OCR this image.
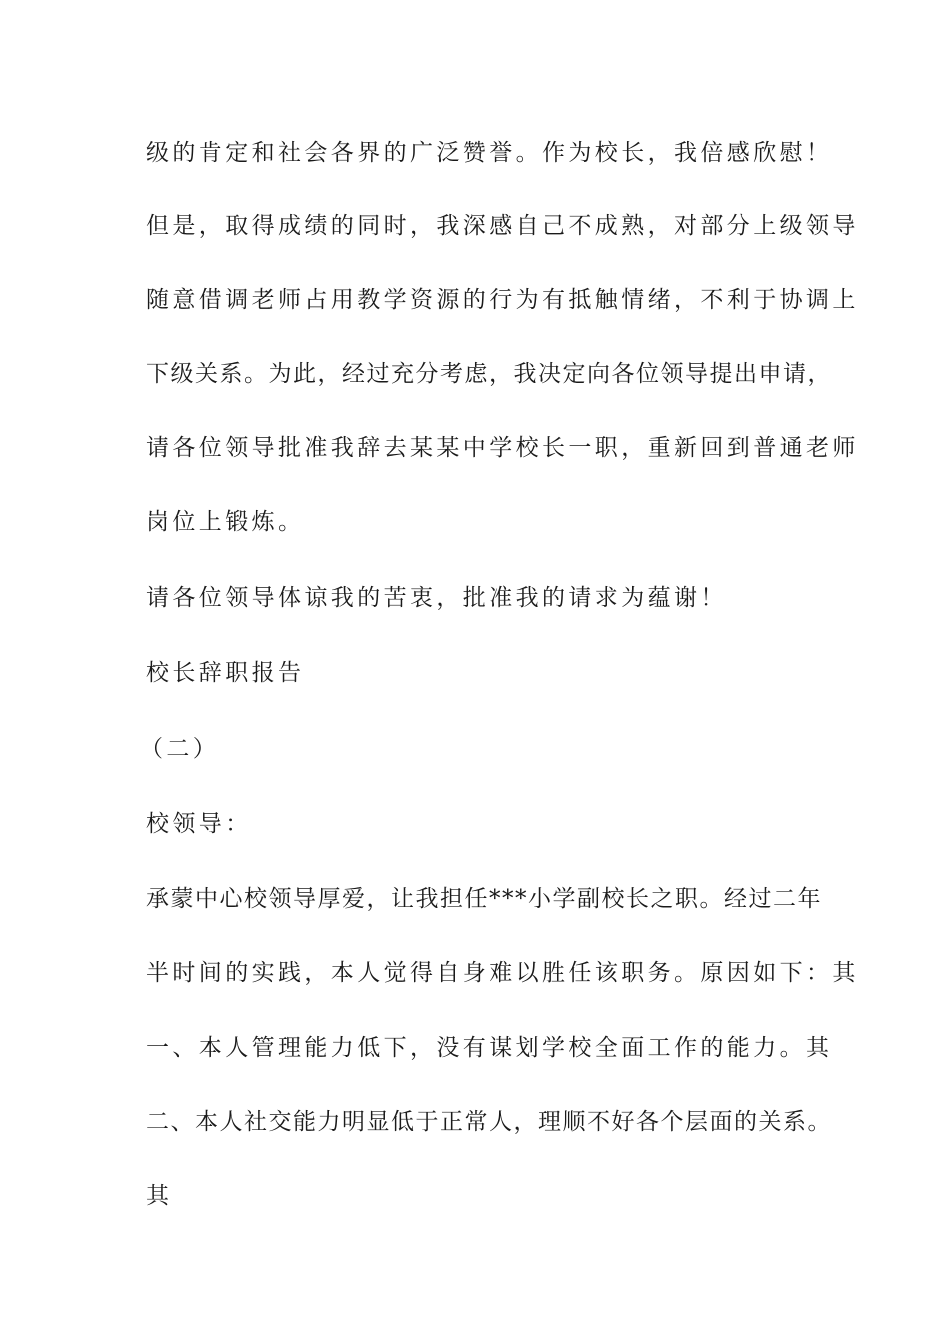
级的肯定和社会各界的广泛赞誉。作为校长，我倍感欣慰！

但是，取得成绩的同时，我深感自己不成熟，对部分上级领导

随意借调老师占用教学资源的行为有抵触情绪，不利于协调上

下级关系。为此，经过充分考虑，我决定向各位领导提出申请，

请各位领导批准我辞去某某中学校长一职，重新回到普通老师

岗位上锻炼。

请各位领导体谅我的苦衷，批准我的请求为蕴谢！

校长辞职报告

（二）

校领导：

承蒙中心校领导厚爱，让我担任***小学副校长之职。经过二年

半时间的实践，本人觉得自身难以胜任该职务。原因如下：其

一、本人管理能力低下，没有谋划学校全面工作的能力。其

二、本人社交能力明显低于正常人，理顺不好各个层面的关系。

其
